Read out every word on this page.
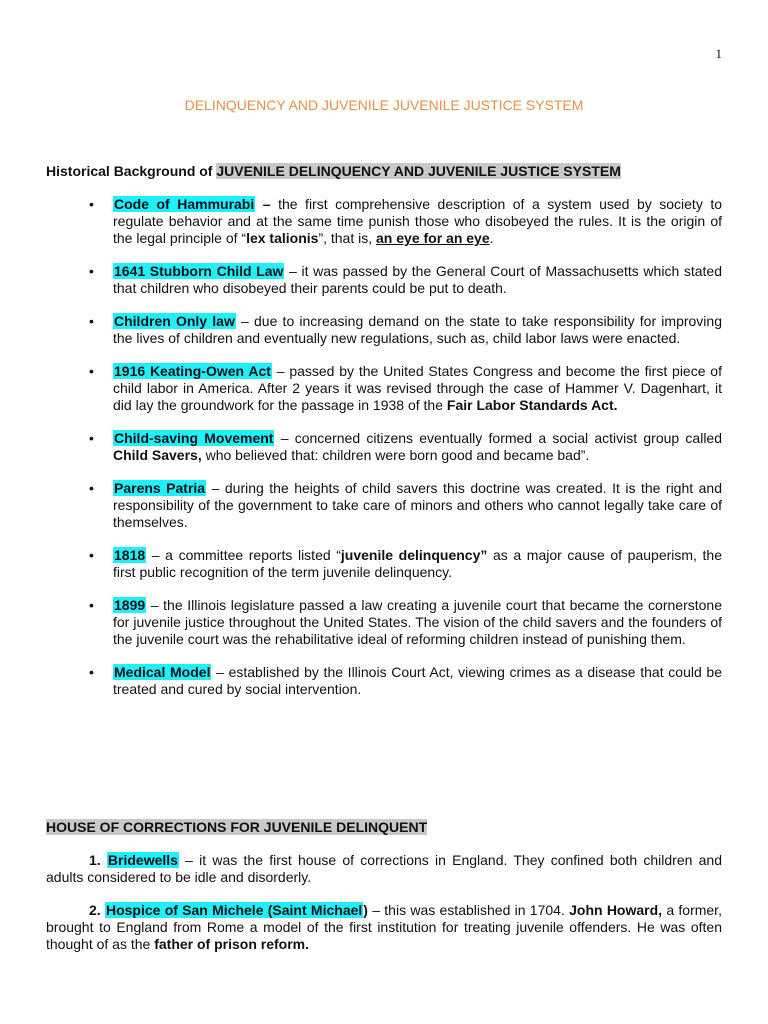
1
DELINQUENCY AND JUVENILE JUVENILE JUSTICE SYSTEM
Historical Background of JUVENILE DELINQUENCY AND JUVENILE JUSTICE SYSTEM
• Code of Hammurabi – the first comprehensive description of a system used by society to regulate behavior and at the same time punish those who disobeyed the rules. It is the origin of the legal principle of “lex talionis”, that is, an eye for an eye.
• 1641 Stubborn Child Law – it was passed by the General Court of Massachusetts which stated that children who disobeyed their parents could be put to death.
• Children Only law – due to increasing demand on the state to take responsibility for improving the lives of children and eventually new regulations, such as, child labor laws were enacted.
• 1916 Keating-Owen Act – passed by the United States Congress and become the first piece of child labor in America. After 2 years it was revised through the case of Hammer V. Dagenhart, it did lay the groundwork for the passage in 1938 of the Fair Labor Standards Act.
• Child-saving Movement – concerned citizens eventually formed a social activist group called Child Savers, who believed that: children were born good and became bad”.
• Parens Patria – during the heights of child savers this doctrine was created. It is the right and responsibility of the government to take care of minors and others who cannot legally take care of themselves.
• 1818 – a committee reports listed “juvenile delinquency” as a major cause of pauperism, the first public recognition of the term juvenile delinquency.
• 1899 – the Illinois legislature passed a law creating a juvenile court that became the cornerstone for juvenile justice throughout the United States. The vision of the child savers and the founders of the juvenile court was the rehabilitative ideal of reforming children instead of punishing them.
• Medical Model – established by the Illinois Court Act, viewing crimes as a disease that could be treated and cured by social intervention.
HOUSE OF CORRECTIONS FOR JUVENILE DELINQUENT
1. Bridewells – it was the first house of corrections in England. They confined both children and adults considered to be idle and disorderly.
2. Hospice of San Michele (Saint Michael) – this was established in 1704. John Howard, a former, brought to England from Rome a model of the first institution for treating juvenile offenders. He was often thought of as the father of prison reform.
